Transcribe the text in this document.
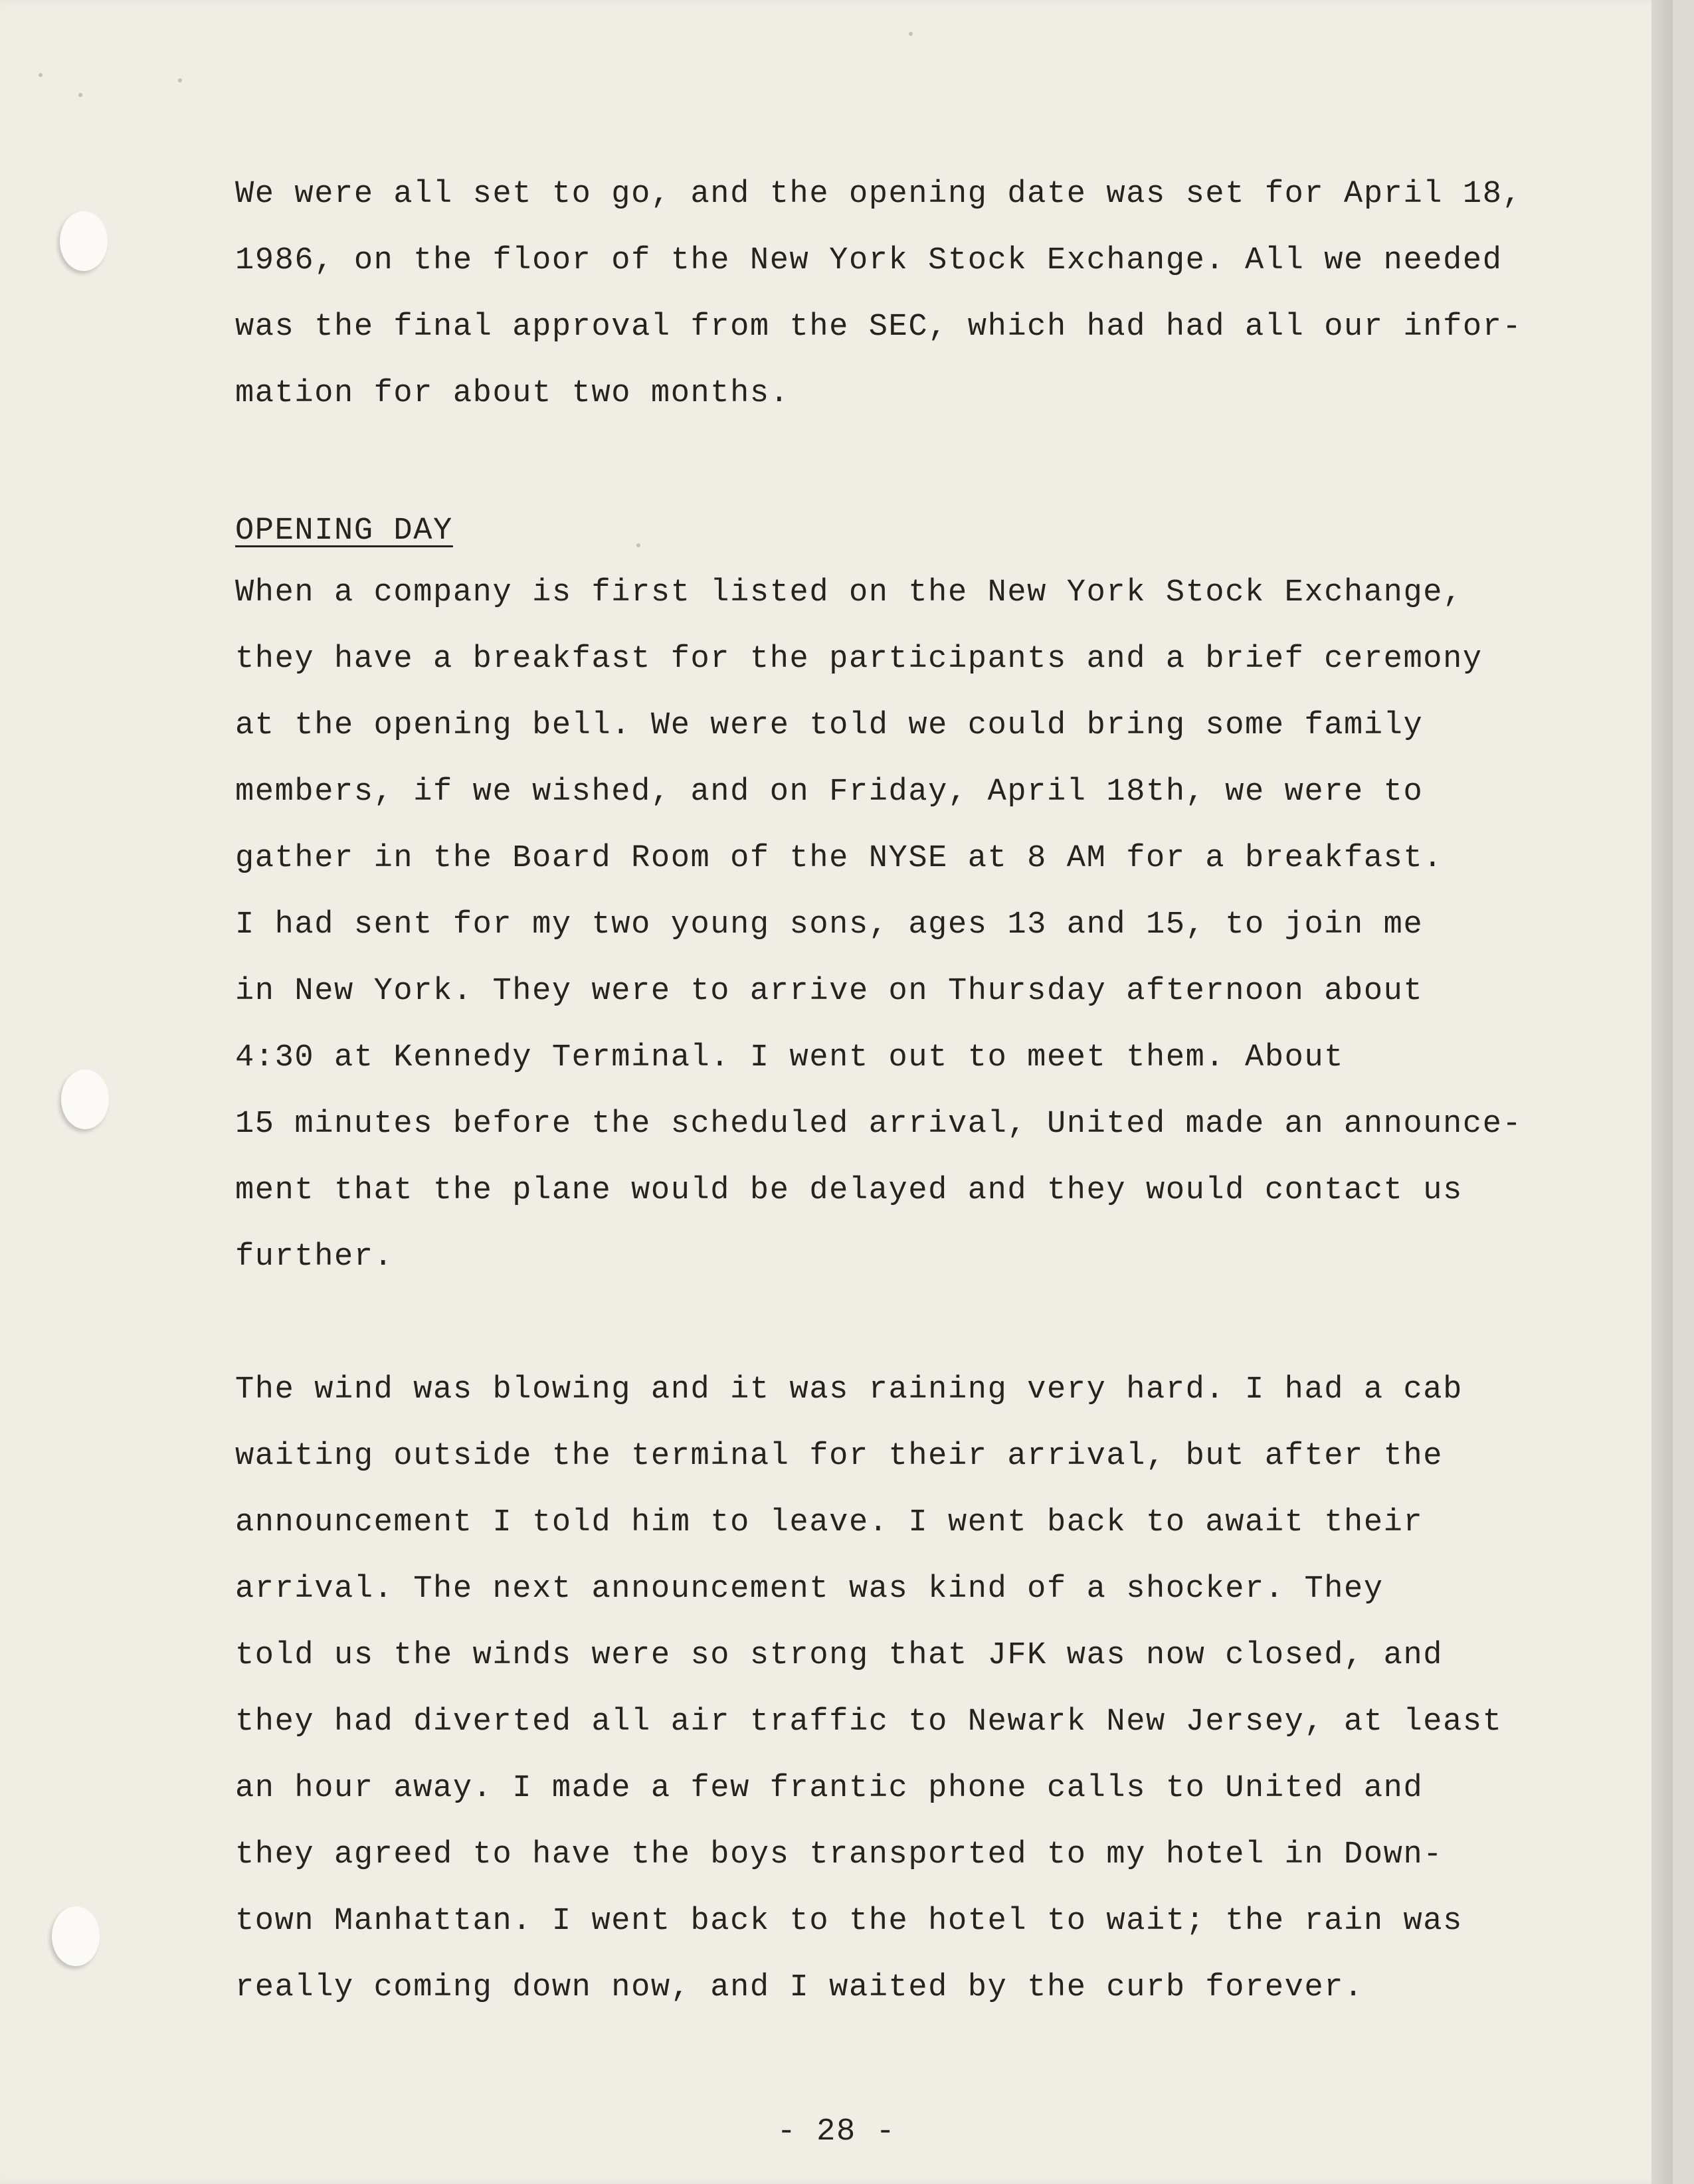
We were all set to go, and the opening date was set for April 18,

1986, on the floor of the New York Stock Exchange. All we needed

was the final approval from the SEC, which had had all our infor-

mation for about two months.

OPENING DAY

When a company is first listed on the New York Stock Exchange,

they have a breakfast for the participants and a brief ceremony

at the opening bell. We were told we could bring some family

members, if we wished, and on Friday, April 18th, we were to

gather in the Board Room of the NYSE at 8 AM for a breakfast.

I had sent for my two young sons, ages 13 and 15, to join me

in New York. They were to arrive on Thursday afternoon about

4:30 at Kennedy Terminal. I went out to meet them. About

15 minutes before the scheduled arrival, United made an announce-

ment that the plane would be delayed and they would contact us

further.

The wind was blowing and it was raining very hard. I had a cab

waiting outside the terminal for their arrival, but after the

announcement I told him to leave. I went back to await their

arrival. The next announcement was kind of a shocker. They

told us the winds were so strong that JFK was now closed, and

they had diverted all air traffic to Newark New Jersey, at least

an hour away. I made a few frantic phone calls to United and

they agreed to have the boys transported to my hotel in Down-

town Manhattan. I went back to the hotel to wait; the rain was

really coming down now, and I waited by the curb forever.

- 28 -
